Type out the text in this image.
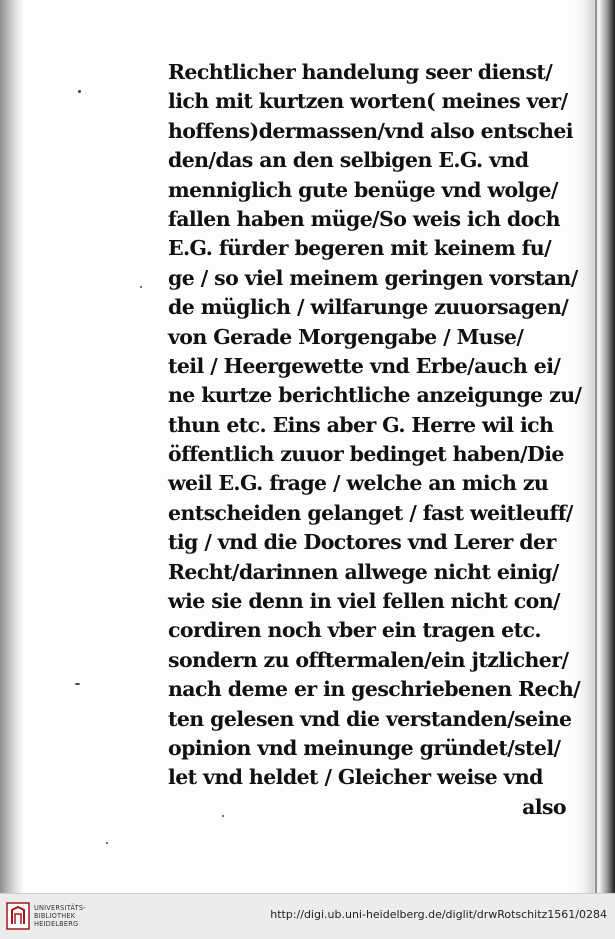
Rechtlicher handelung seer dienst/
lich mit kurtzen worten( meines ver/
hoffens)dermassen/vnd also entschei
den/das an den selbigen E.G. vnd
menniglich gute benüge vnd wolge/
fallen haben müge/So weis ich doch
E.G. fürder begeren mit keinem fu/
ge / so viel meinem geringen vorstan/
de müglich / wilfarunge zuuorsagen/
von Gerade Morgengabe / Muse/
teil / Heergewette vnd Erbe/auch ei/
ne kurtze berichtliche anzeigunge zu/
thun etc. Eins aber G. Herre wil ich
öffentlich zuuor bedinget haben/Die
weil E.G. frage / welche an mich zu
entscheiden gelanget / fast weitleuff/
tig / vnd die Doctores vnd Lerer der
Recht/darinnen allwege nicht einig/
wie sie denn in viel fellen nicht con/
cordiren noch vber ein tragen etc.
sondern zu offtermalen/ein jtzlicher/
nach deme er in geschriebenen Rech/
ten gelesen vnd die verstanden/seine
opinion vnd meinunge gründet/stel/
let vnd heldet / Gleicher weise vnd
also
UNIVERSITÄTS-
BIBLIOTHEK
HEIDELBERG
http://digi.ub.uni-heidelberg.de/diglit/drwRotschitz1561/0284
